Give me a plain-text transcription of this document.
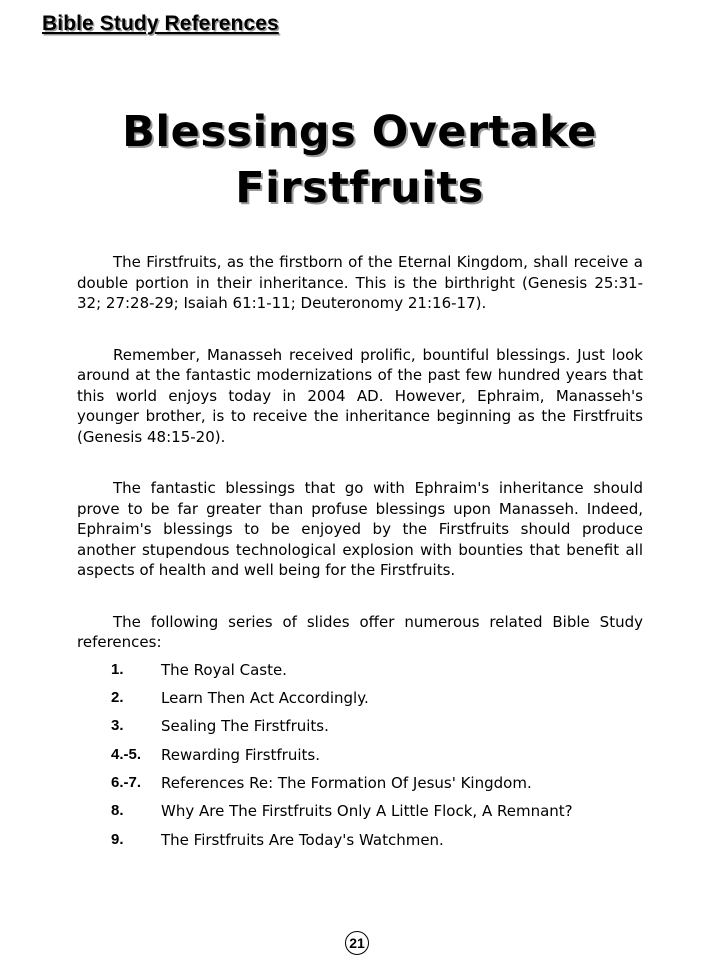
Bible Study References
Blessings Overtake
Firstfruits

The Firstfruits, as the firstborn of the Eternal Kingdom, shall receive a double portion in their inheritance. This is the birthright (Genesis 25:31-32; 27:28-29; Isaiah 61:1-11; Deuteronomy 21:16-17).

Remember, Manasseh received prolific, bountiful blessings. Just look around at the fantastic modernizations of the past few hundred years that this world enjoys today in 2004 AD. However, Ephraim, Manasseh's younger brother, is to receive the inheritance beginning as the Firstfruits (Genesis 48:15-20).

The fantastic blessings that go with Ephraim's inheritance should prove to be far greater than profuse blessings upon Manasseh. Indeed, Ephraim's blessings to be enjoyed by the Firstfruits should produce another stupendous technological explosion with bounties that benefit all aspects of health and well being for the Firstfruits.

The following series of slides offer numerous related Bible Study references:

1.	The Royal Caste.
2.	Learn Then Act Accordingly.
3.	Sealing The Firstfruits.
4.-5.	Rewarding Firstfruits.
6.-7.	References Re: The Formation Of Jesus' Kingdom.
8.	Why Are The Firstfruits Only A Little Flock, A Remnant?
9.	The Firstfruits Are Today's Watchmen.
21
